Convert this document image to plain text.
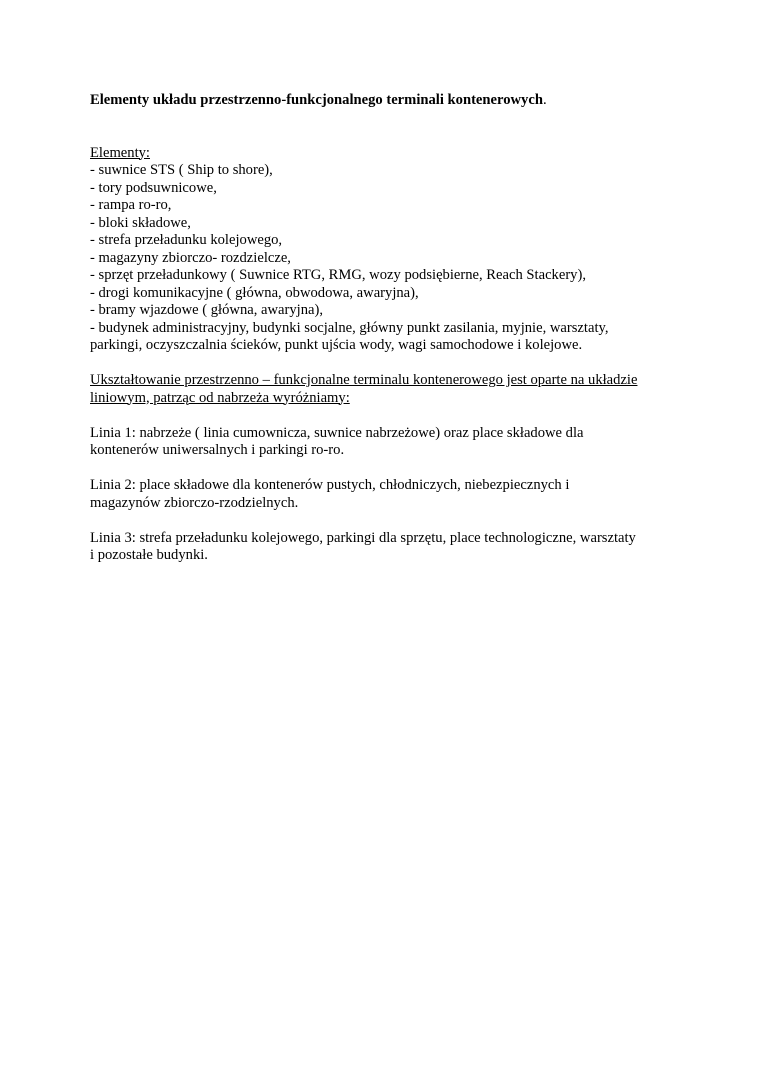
Elementy układu przestrzenno-funkcjonalnego terminali kontenerowych.

Elementy:
- suwnice STS ( Ship to shore),
- tory podsuwnicowe,
- rampa ro-ro,
- bloki składowe,
- strefa przeładunku kolejowego,
- magazyny zbiorczo- rozdzielcze,
- sprzęt przeładunkowy ( Suwnice RTG, RMG, wozy podsiębierne, Reach Stackery),
- drogi komunikacyjne ( główna, obwodowa, awaryjna),
- bramy wjazdowe ( główna, awaryjna),
- budynek administracyjny, budynki socjalne, główny punkt zasilania, myjnie, warsztaty,
parkingi, oczyszczalnia ścieków, punkt ujścia wody, wagi samochodowe i kolejowe.
Ukształtowanie przestrzenno – funkcjonalne terminalu kontenerowego jest oparte na układzie
liniowym, patrząc od nabrzeża wyróżniamy:
Linia 1: nabrzeże ( linia cumownicza, suwnice nabrzeżowe) oraz place składowe dla
kontenerów uniwersalnych i parkingi ro-ro.
Linia 2: place składowe dla kontenerów pustych, chłodniczych, niebezpiecznych i
magazynów zbiorczo-rzodzielnych.
Linia 3: strefa przeładunku kolejowego, parkingi dla sprzętu, place technologiczne, warsztaty
i pozostałe budynki.
